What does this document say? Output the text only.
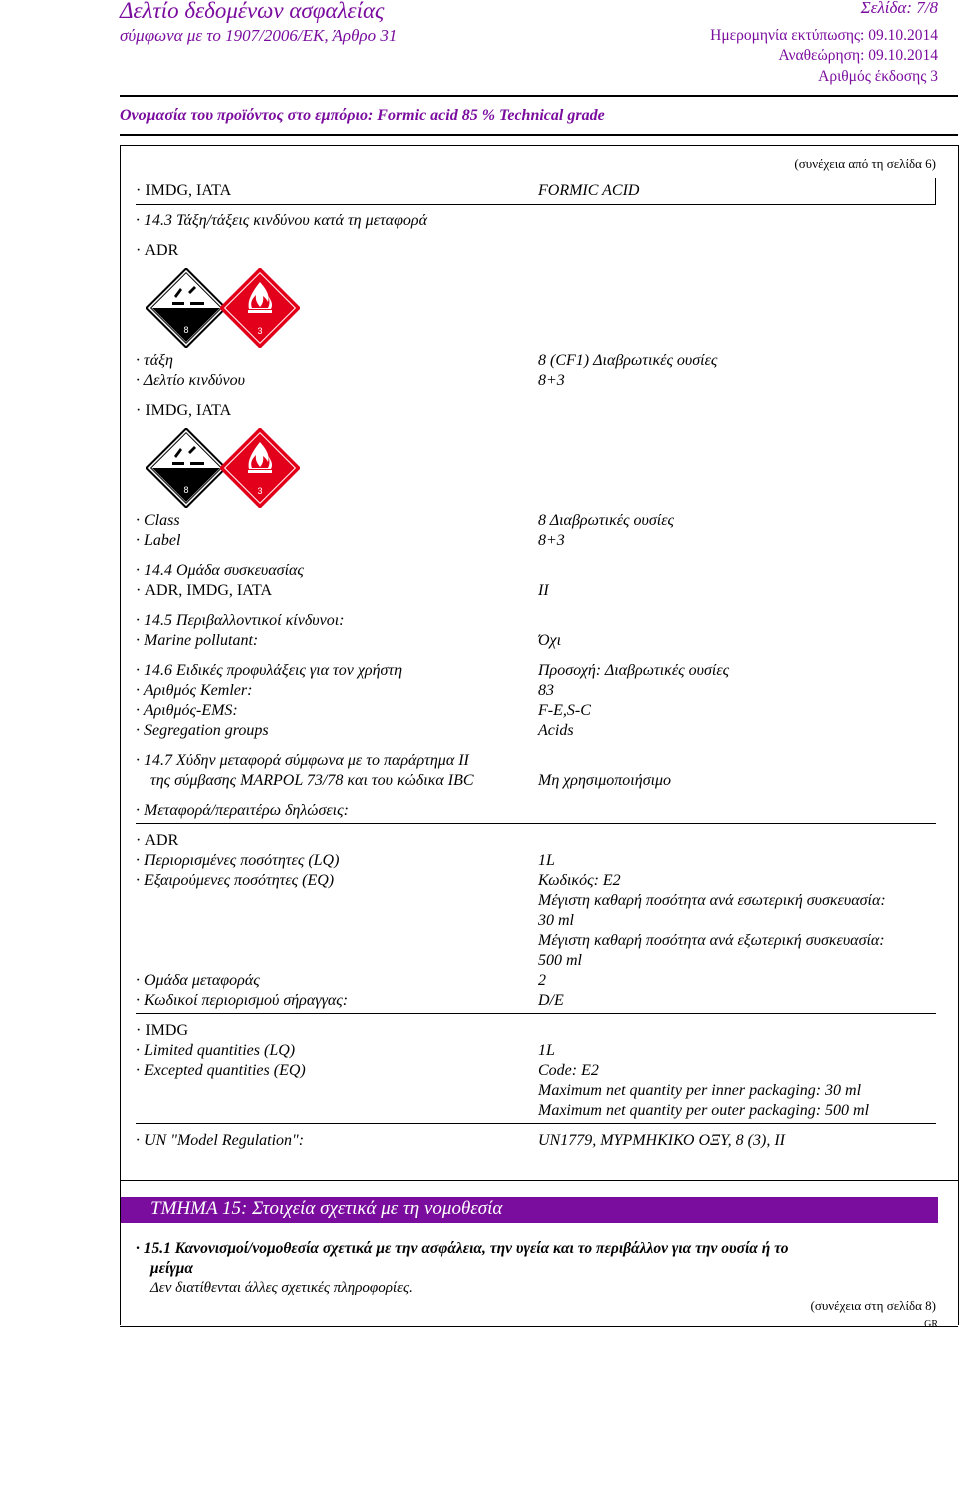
Δελτίο δεδομένων ασφαλείας
σύμφωνα με το 1907/2006/ΕΚ, Άρθρο 31
Σελίδα: 7/8
Ημερομηνία εκτύπωσης: 09.10.2014
Αναθεώρηση: 09.10.2014
Αριθμός έκδοσης 3
Ονομασία του προϊόντος στο εμπόριο: Formic acid 85 % Technical grade
(συνέχεια από τη σελίδα 6)
· IMDG, IATA	FORMIC ACID
· 14.3 Τάξη/τάξεις κινδύνου κατά τη μεταφορά
· ADR
8	3
· τάξη	8 (CF1) Διαβρωτικές ουσίες
· Δελτίο κινδύνου	8+3
· IMDG, IATA
8	3
· Class	8 Διαβρωτικές ουσίες
· Label	8+3
· 14.4 Ομάδα συσκευασίας
· ADR, IMDG, IATA	II
· 14.5 Περιβαλλοντικοί κίνδυνοι:
· Marine pollutant:	Όχι
· 14.6 Ειδικές προφυλάξεις για τον χρήστη	Προσοχή: Διαβρωτικές ουσίες
· Αριθμός Kemler:	83
· Αριθμός-EMS:	F-E,S-C
· Segregation groups	Acids
· 14.7 Χύδην μεταφορά σύμφωνα με το παράρτημα II
της σύμβασης MARPOL 73/78 και του κώδικα IBC	Μη χρησιμοποιήσιμο
· Μεταφορά/περαιτέρω δηλώσεις:
· ADR
· Περιορισμένες ποσότητες (LQ)	1L
· Εξαιρούμενες ποσότητες (EQ)	Κωδικός: E2
Μέγιστη καθαρή ποσότητα ανά εσωτερική συσκευασία:
30 ml
Μέγιστη καθαρή ποσότητα ανά εξωτερική συσκευασία:
500 ml
· Ομάδα μεταφοράς	2
· Κωδικοί περιορισμού σήραγγας:	D/E
· IMDG
· Limited quantities (LQ)	1L
· Excepted quantities (EQ)	Code: E2
Maximum net quantity per inner packaging: 30 ml
Maximum net quantity per outer packaging: 500 ml
· UN "Model Regulation":	UN1779, ΜΥΡΜΗΚΙΚΟ ΟΞΥ, 8 (3), II
ΤΜΗΜΑ 15: Στοιχεία σχετικά με τη νομοθεσία
· 15.1 Κανονισμοί/νομοθεσία σχετικά με την ασφάλεια, την υγεία και το περιβάλλον για την ουσία ή το
μείγμα
Δεν διατίθενται άλλες σχετικές πληροφορίες.
(συνέχεια στη σελίδα 8)
GR
